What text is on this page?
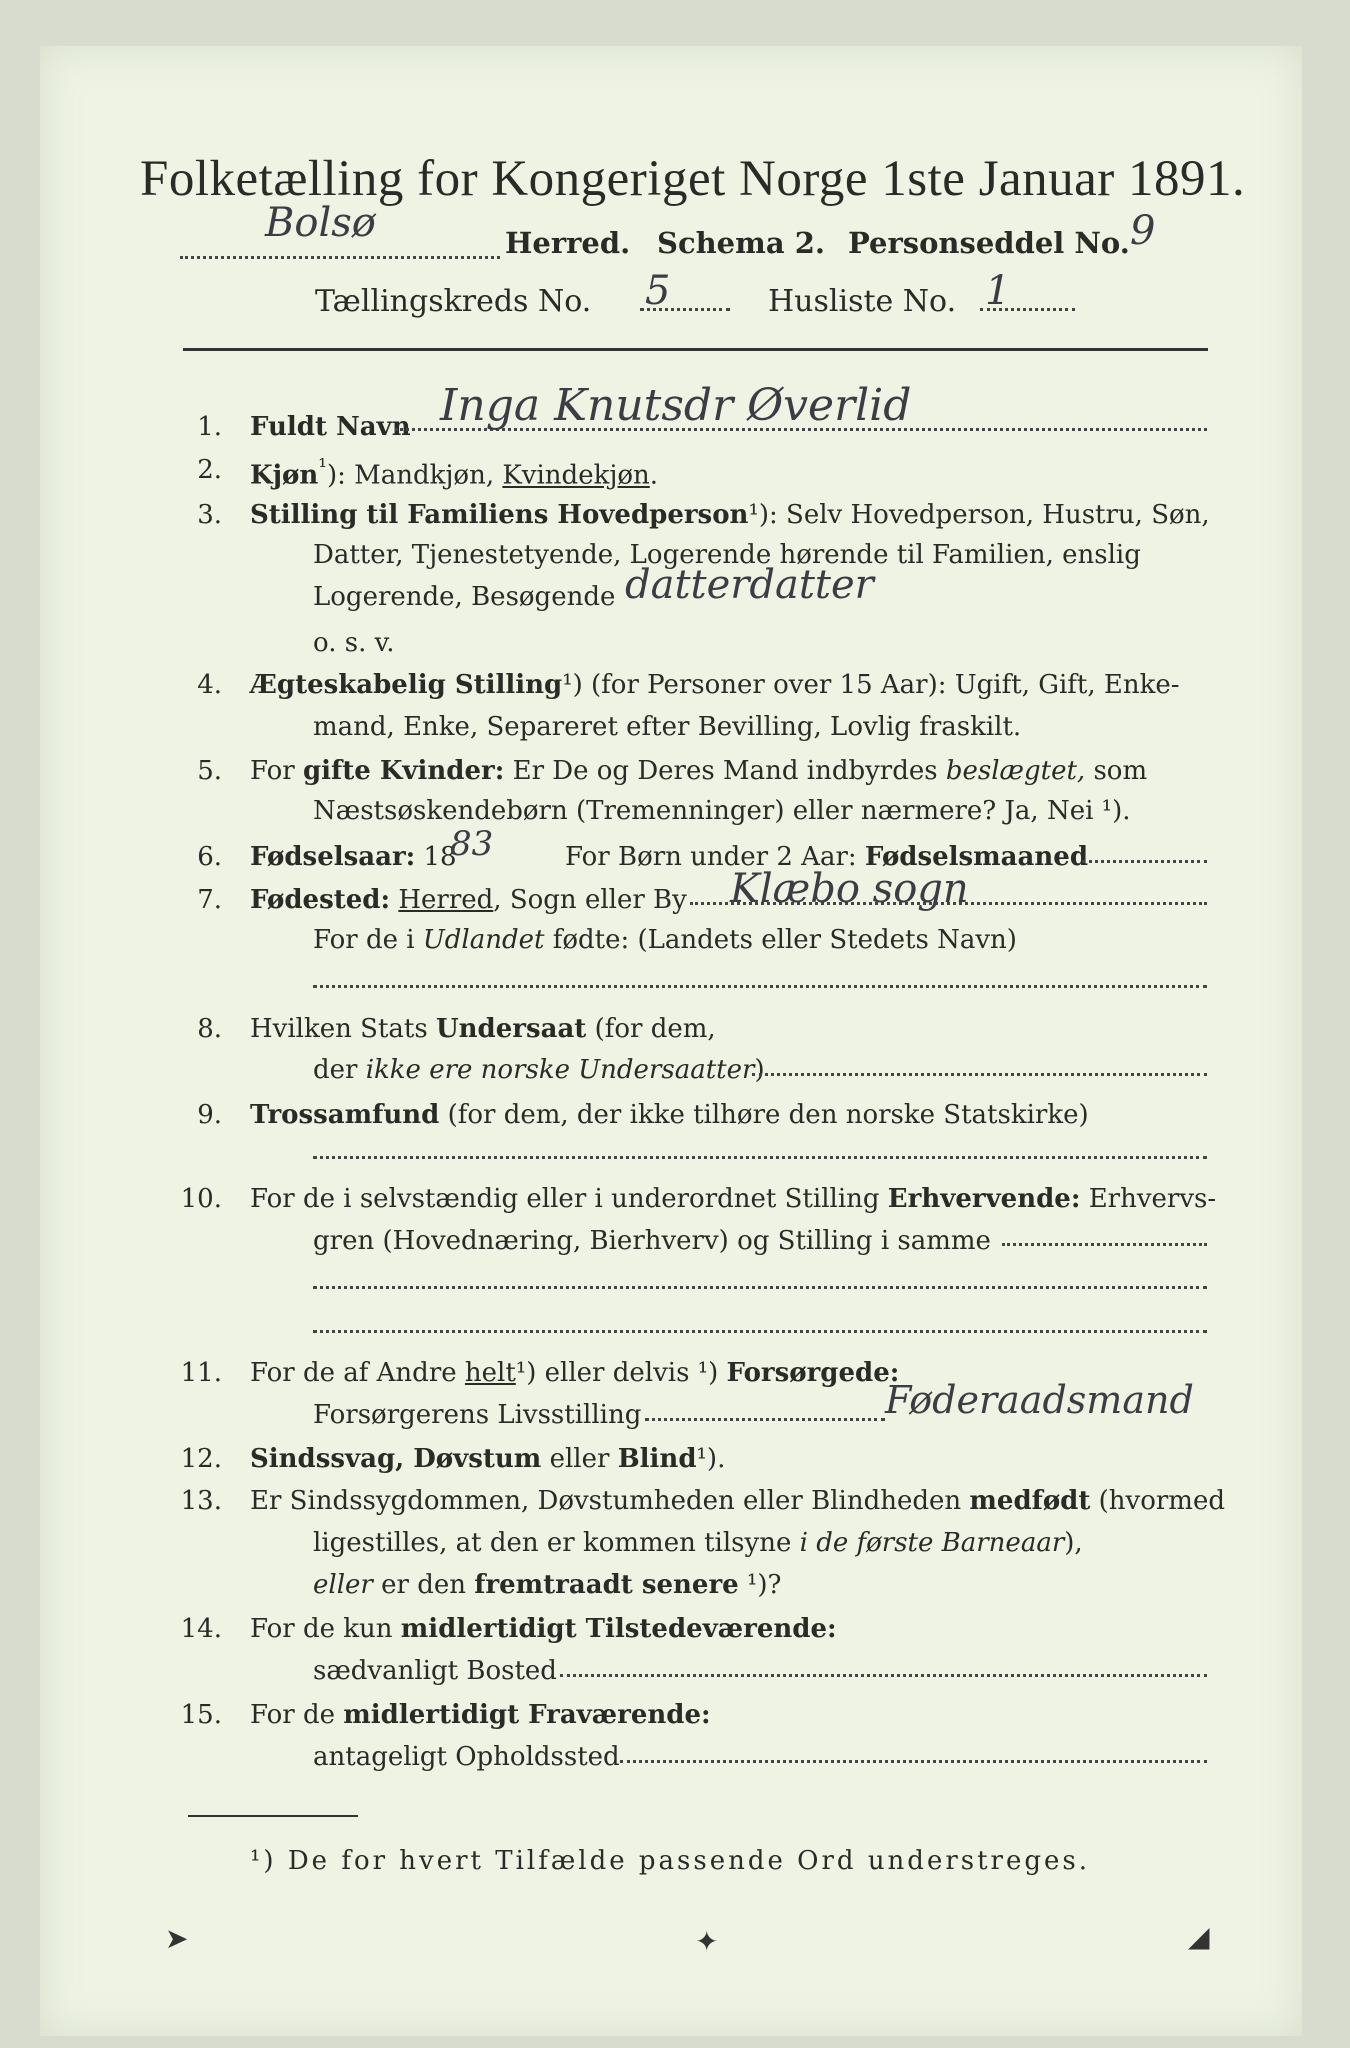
Folketælling for Kongeriget Norge 1ste Januar 1891.
Bolsø	Herred. Schema 2. Personseddel No. 9
Tællingskreds No. 5	Husliste No. 1
1. Fuldt Navn Inga Knutsdr Øverlid
2. Kjøn$^{^1}$): Mandkjøn, Kvindekjøn.
3. Stilling til Familiens Hovedperson¹): Selv Hovedperson, Hustru, Søn,
Datter, Tjenestetyende, Logerende hørende til Familien, enslig
Logerende, Besøgende datterdatter
o. s. v.
4. Ægteskabelig Stilling¹) (for Personer over 15 Aar): Ugift, Gift, Enke-
mand, Enke, Separeret efter Bevilling, Lovlig fraskilt.
5. For gifte Kvinder: Er De og Deres Mand indbyrdes beslægtet, som
Næstsøskendebørn (Tremenninger) eller nærmere? Ja, Nei ¹).
6. Fødselsaar: 18
83	For Børn under 2 Aar: Fødselsmaaned
7. Fødested: Herred, Sogn eller By Klæbo sogn
For de i Udlandet fødte: (Landets eller Stedets Navn)
8. Hvilken Stats Undersaat (for dem,
der ikke ere norske Undersaatter)
9. Trossamfund (for dem, der ikke tilhøre den norske Statskirke)
10. For de i selvstændig eller i underordnet Stilling Erhvervende: Erhvervs-
gren (Hovednæring, Bierhverv) og Stilling i samme
11. For de af Andre helt¹) eller delvis ¹) Forsørgede:
Forsørgerens Livsstilling	Føderaadsmand
12. Sindssvag, Døvstum eller Blind¹).
13. Er Sindssygdommen, Døvstumheden eller Blindheden medfødt (hvormed
ligestilles, at den er kommen tilsyne i de første Barneaar),
eller er den fremtraadt senere ¹)?
14. For de kun midlertidigt Tilstedeværende:
sædvanligt Bosted
15. For de midlertidigt Fraværende:
antageligt Opholdssted
¹) De for hvert Tilfælde passende Ord understreges.
➤	✦	◢
